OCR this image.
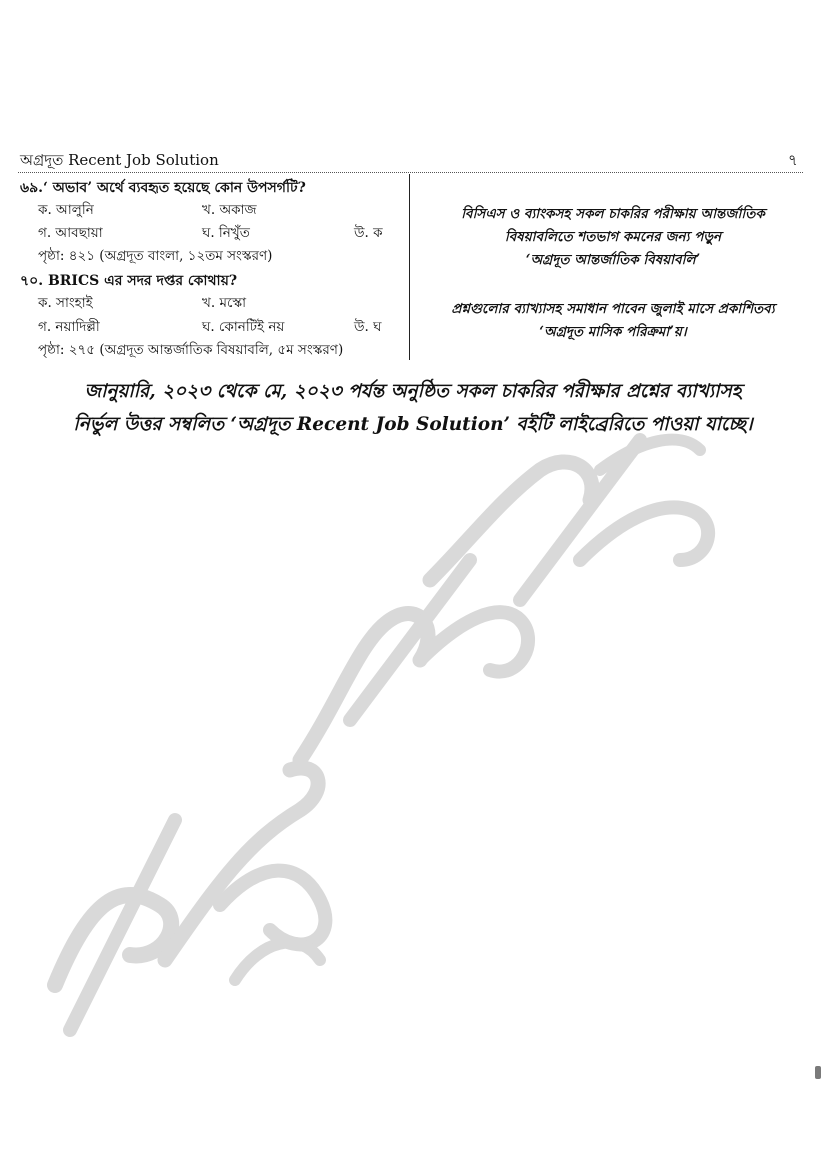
অগ্রদূত Recent Job Solution	৭
৬৯.‘ অভাব’ অর্থে ব্যবহৃত হয়েছে কোন উপসর্গটি?
ক. আলুনি	খ. অকাজ
গ. আবছায়া	ঘ. নিখুঁত	উ. ক
পৃষ্ঠা: ৪২১ (অগ্রদূত বাংলা, ১২তম সংস্করণ)
৭০. BRICS এর সদর দপ্তর কোথায়?
ক. সাংহাই	খ. মস্কো
গ. নয়াদিল্লী	ঘ. কোনটিই নয়	উ. ঘ
পৃষ্ঠা: ২৭৫ (অগ্রদূত আন্তর্জাতিক বিষয়াবলি, ৫ম সংস্করণ)
বিসিএস ও ব্যাংকসহ সকল চাকরির পরীক্ষায় আন্তর্জাতিক
বিষয়াবলিতে শতভাগ কমনের জন্য পড়ুন
‘অগ্রদূত আন্তর্জাতিক বিষয়াবলি’
প্রশ্নগুলোর ব্যাখ্যাসহ সমাধান পাবেন জুলাই মাসে প্রকাশিতব্য
‘অগ্রদূত মাসিক পরিক্রমা’য়।
জানুয়ারি, ২০২৩ থেকে মে, ২০২৩ পর্যন্ত অনুষ্ঠিত সকল চাকরির পরীক্ষার প্রশ্নের ব্যাখ্যাসহ
নির্ভুল উত্তর সম্বলিত ‘অগ্রদূত Recent Job Solution’ বইটি লাইব্রেরিতে পাওয়া যাচ্ছে।
